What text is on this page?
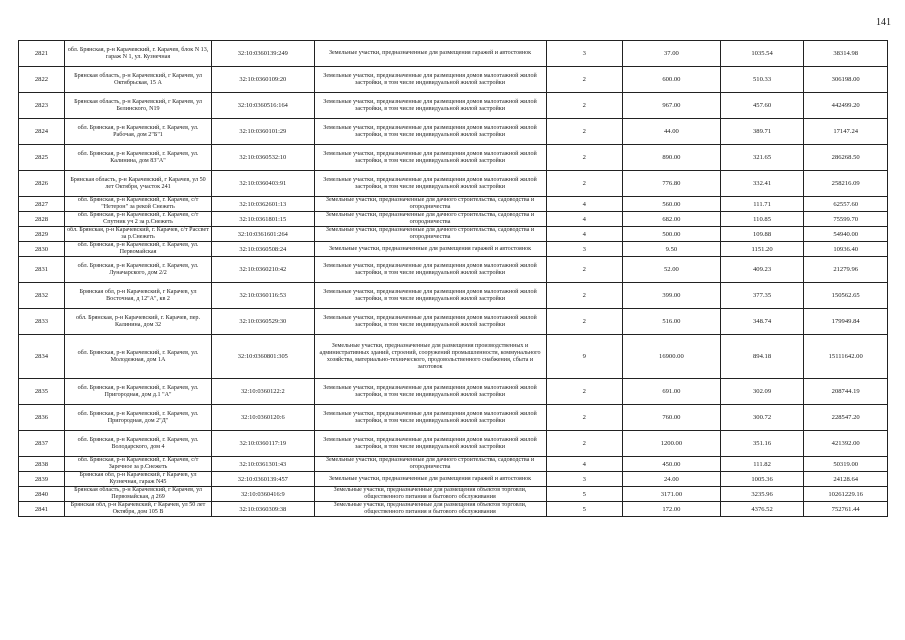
141
2821	обл. Брянская, р-н Карачевский, г. Карачев, блок N 13, гараж N 1, ул. Кузнечная	32:10:0360139:249	Земельные участки, предназначенные для размещения гаражей и автостоянок	3	37.00	1035.54	38314.98
2822	Брянская область, р-н Карачевский, г Карачев, ул Октябрьская, 15 А	32:10:0360109:20	Земельные участки, предназначенные для размещения домов малоэтажной жилой застройки, в том числе индивидуальной жилой застройки	2	600.00	510.33	306198.00
2823	Брянская область, р-н Карачевский, г Карачев, ул Белинского, N19	32:10:0360516:164	Земельные участки, предназначенные для размещения домов малоэтажной жилой застройки, в том числе индивидуальной жилой застройки	2	967.00	457.60	442499.20
2824	обл. Брянская, р-н Карачевский, г. Карачев, ул. Рабочая, дом 2"Б"1	32:10:0360101:29	Земельные участки, предназначенные для размещения домов малоэтажной жилой застройки, в том числе индивидуальной жилой застройки	2	44.00	389.71	17147.24
2825	обл. Брянская, р-н Карачевский, г. Карачев, ул. Калинина, дом 83"А"	32:10:0360532:10	Земельные участки, предназначенные для размещения домов малоэтажной жилой застройки, в том числе индивидуальной жилой застройки	2	890.00	321.65	286268.50
2826	Брянская область, р-н Карачевский, г Карачев, ул 50 лет Октября, участок 241	32:10:0360403:91	Земельные участки, предназначенные для размещения домов малоэтажной жилой застройки, в том числе индивидуальной жилой застройки	2	776.80	332.41	258216.09
2827	обл. Брянская, р-н Карачевский, г. Карачев, с/т "Нетерон" за рекой Снежеть	32:10:0362601:13	Земельные участки, предназначенные для дачного строительства, садоводства и огородничества	4	560.00	111.71	62557.60
2828	обл. Брянская, р-н Карачевский, г. Карачев, с/т Спутник уч 2 за р.Снежеть	32:10:0361801:15	Земельные участки, предназначенные для дачного строительства, садоводства и огородничества	4	682.00	110.85	75599.70
2829	обл. Брянская, р-н Карачевский, г. Карачев, с/т Рассвет за р.Снежеть	32:10:0361601:264	Земельные участки, предназначенные для дачного строительства, садоводства и огородничества	4	500.00	109.88	54940.00
2830	обл. Брянская, р-н Карачевский, г. Карачев, ул. Первомайская	32:10:0360508:24	Земельные участки, предназначенные для размещения гаражей и автостоянок	3	9.50	1151.20	10936.40
2831	обл. Брянская, р-н Карачевский, г. Карачев, ул. Луначарского, дом 2/2	32:10:0360210:42	Земельные участки, предназначенные для размещения домов малоэтажной жилой застройки, в том числе индивидуальной жилой застройки	2	52.00	409.23	21279.96
2832	Брянская обл, р-н Карачевский, г Карачев, ул Восточная, д 12"А", кв 2	32:10:0360116:53	Земельные участки, предназначенные для размещения домов малоэтажной жилой застройки, в том числе индивидуальной жилой застройки	2	399.00	377.35	150562.65
2833	обл. Брянская, р-н Карачевский, г. Карачев, пер. Калинина, дом 32	32:10:0360529:30	Земельные участки, предназначенные для размещения домов малоэтажной жилой застройки, в том числе индивидуальной жилой застройки	2	516.00	348.74	179949.84
2834	обл. Брянская, р-н Карачевский, г. Карачев, ул. Молодежная, дом 1А	32:10:0360801:305	Земельные участки, предназначенные для размещения производственных и административных зданий, строений, сооружений промышленности, коммунального хозяйства, материально-технического, продовольственного снабжения, сбыта и заготовок	9	16900.00	894.18	15111642.00
2835	обл. Брянская, р-н Карачевский, г. Карачев, ул. Пригородная, дом д.1 "А"	32:10:0360122:2	Земельные участки, предназначенные для размещения домов малоэтажной жилой застройки, в том числе индивидуальной жилой застройки	2	691.00	302.09	208744.19
2836	обл. Брянская, р-н Карачевский, г. Карачев, ул. Пригородная, дом 2"Д"	32:10:0360120:6	Земельные участки, предназначенные для размещения домов малоэтажной жилой застройки, в том числе индивидуальной жилой застройки	2	760.00	300.72	228547.20
2837	обл. Брянская, р-н Карачевский, г. Карачев, ул. Володарского, дом 4	32:10:0360117:19	Земельные участки, предназначенные для размещения домов малоэтажной жилой застройки, в том числе индивидуальной жилой застройки	2	1200.00	351.16	421392.00
2838	обл. Брянская, р-н Карачевский, г. Карачев, с/т Заречное за р.Снежеть	32:10:0361301:43	Земельные участки, предназначенные для дачного строительства, садоводства и огородничества	4	450.00	111.82	50319.00
2839	Брянская обл, р-н Карачевский, г Карачев, ул Кузнечная, гараж N45	32:10:0360139:457	Земельные участки, предназначенные для размещения гаражей и автостоянок	3	24.00	1005.36	24128.64
2840	Брянская область, р-н Карачевский, г Карачев, ул Первомайская, д 269	32:10:0360416:9	Земельные участки, предназначенные для размещения объектов торговли, общественного питания и бытового обслуживания	5	3171.00	3235.96	10261229.16
2841	Брянская обл, р-н Карачевский, г Карачев, ул 50 лет Октября, дом 105 В	32:10:0360309:38	Земельные участки, предназначенные для размещения объектов торговли, общественного питания и бытового обслуживания	5	172.00	4376.52	752761.44
